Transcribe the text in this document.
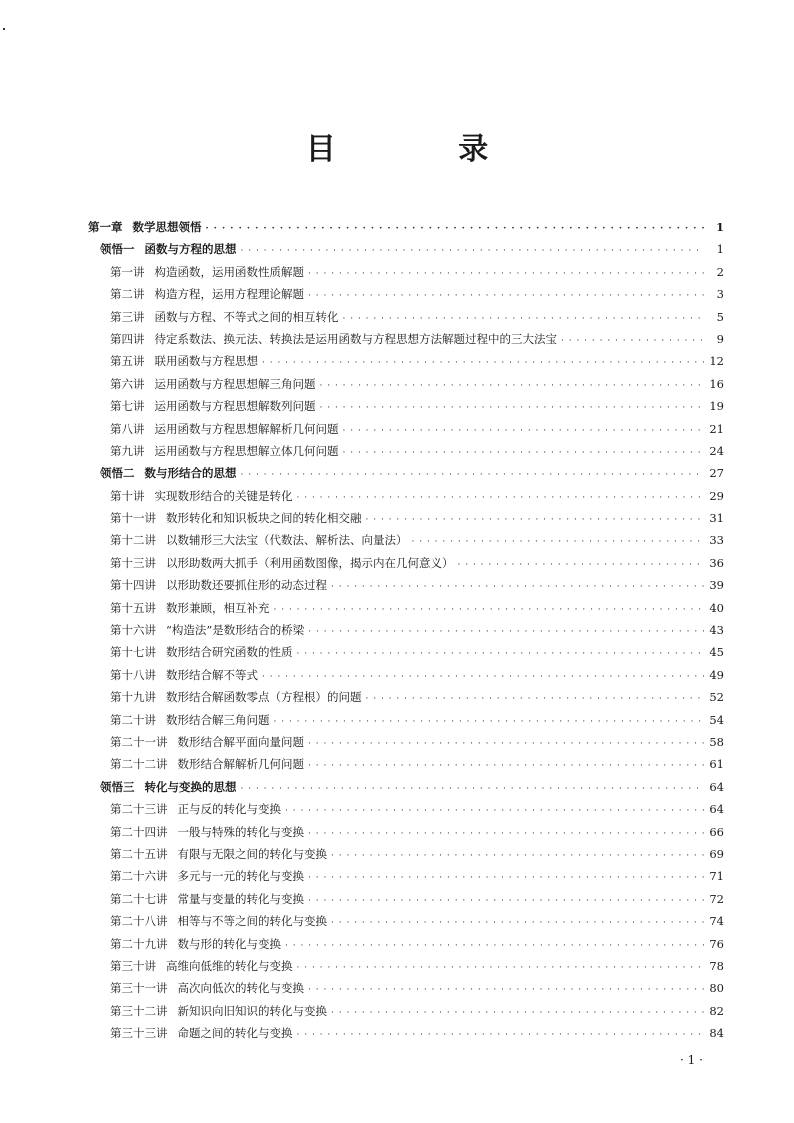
目 录
第一章 数学思想领悟 · · ·	1
领悟一 函数与方程的思想 · · ·	1
第一讲 构造函数，运用函数性质解题 · · ·	2
第二讲 构造方程，运用方程理论解题 · · ·	3
第三讲 函数与方程、不等式之间的相互转化 · · ·	5
第四讲 待定系数法、换元法、转换法是运用函数与方程思想方法解题过程中的三大法宝 · · ·	9
第五讲 联用函数与方程思想 · · ·	12
第六讲 运用函数与方程思想解三角问题 · · ·	16
第七讲 运用函数与方程思想解数列问题 · · ·	19
第八讲 运用函数与方程思想解解析几何问题 · · ·	21
第九讲 运用函数与方程思想解立体几何问题 · · ·	24
领悟二 数与形结合的思想 · · ·	27
第十讲 实现数形结合的关键是转化 · · ·	29
第十一讲 数形转化和知识板块之间的转化相交融 · · ·	31
第十二讲 以数辅形三大法宝（代数法、解析法、向量法） · · ·	33
第十三讲 以形助数两大抓手（利用函数图像，揭示内在几何意义） · · ·	36
第十四讲 以形助数还要抓住形的动态过程 · · ·	39
第十五讲 数形兼顾，相互补充 · · ·	40
第十六讲 “构造法”是数形结合的桥梁 · · ·	43
第十七讲 数形结合研究函数的性质 · · ·	45
第十八讲 数形结合解不等式 · · ·	49
第十九讲 数形结合解函数零点（方程根）的问题 · · ·	52
第二十讲 数形结合解三角问题 · · ·	54
第二十一讲 数形结合解平面向量问题 · · ·	58
第二十二讲 数形结合解解析几何问题 · · ·	61
领悟三 转化与变换的思想 · · ·	64
第二十三讲 正与反的转化与变换 · · ·	64
第二十四讲 一般与特殊的转化与变换 · · ·	66
第二十五讲 有限与无限之间的转化与变换 · · ·	69
第二十六讲 多元与一元的转化与变换 · · ·	71
第二十七讲 常量与变量的转化与变换 · · ·	72
第二十八讲 相等与不等之间的转化与变换 · · ·	74
第二十九讲 数与形的转化与变换 · · ·	76
第三十讲 高维向低维的转化与变换 · · ·	78
第三十一讲 高次向低次的转化与变换 · · ·	80
第三十二讲 新知识向旧知识的转化与变换 · · ·	82
第三十三讲 命题之间的转化与变换 · · ·	84
· 1 ·
